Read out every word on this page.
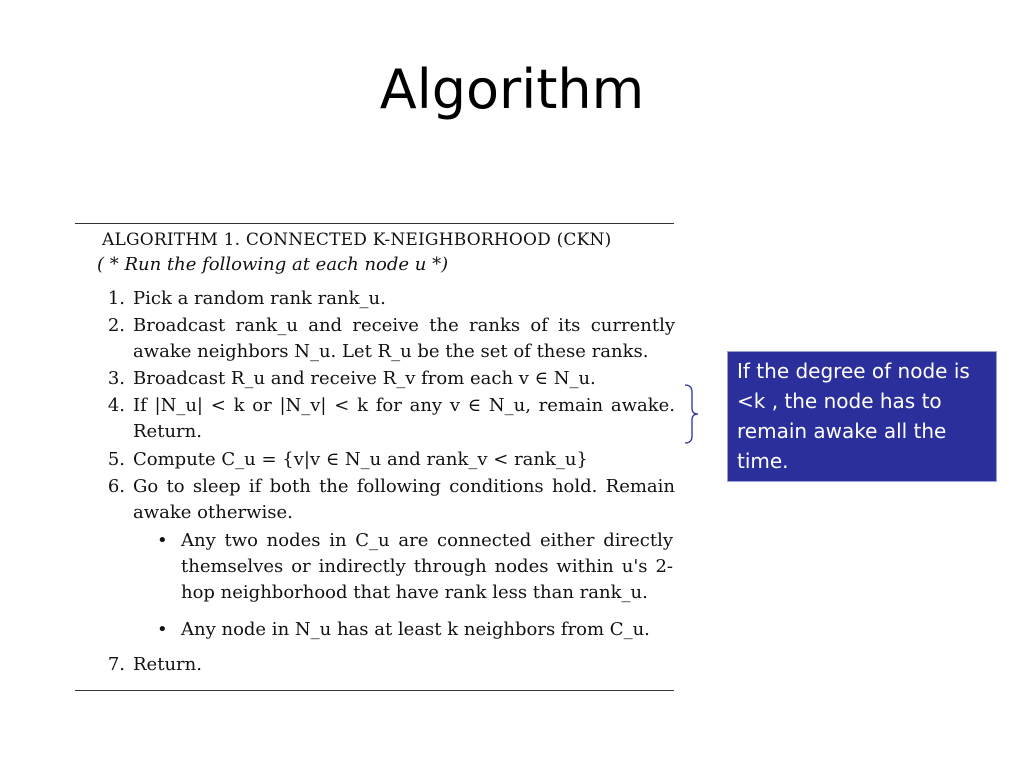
Algorithm
ALGORITHM 1. CONNECTED K-NEIGHBORHOOD (CKN)
( * Run the following at each node u *)
1. Pick a random rank rank_u.
2. Broadcast rank_u and receive the ranks of its currently awake neighbors N_u. Let R_u be the set of these ranks.
3. Broadcast R_u and receive R_v from each v ∈ N_u.
4. If |N_u| < k or |N_v| < k for any v ∈ N_u, remain awake. Return.
5. Compute C_u = {v|v ∈ N_u and rank_v < rank_u}
6. Go to sleep if both the following conditions hold. Remain awake otherwise.
• Any two nodes in C_u are connected either directly themselves or indirectly through nodes within u's 2-hop neighborhood that have rank less than rank_u.
• Any node in N_u has at least k neighbors from C_u.
7. Return.
If the degree of node is <k , the node has to remain awake all the time.
